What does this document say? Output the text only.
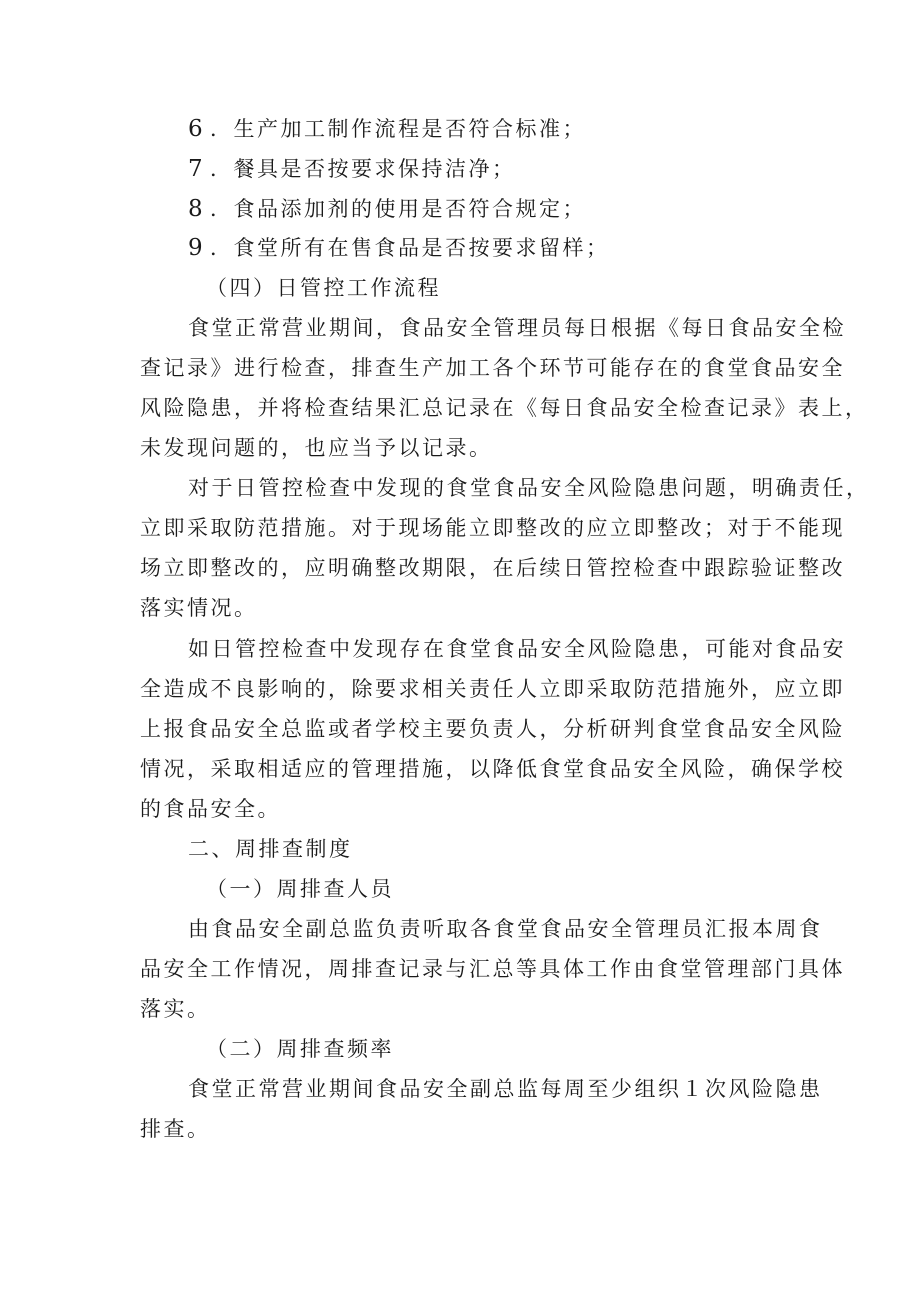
6 ．生产加工制作流程是否符合标准；
7 ．餐具是否按要求保持洁净；
8 ．食品添加剂的使用是否符合规定；
9 ．食堂所有在售食品是否按要求留样；
（四）日管控工作流程
食堂正常营业期间，食品安全管理员每日根据《每日食品安全检
查记录》进行检查，排查生产加工各个环节可能存在的食堂食品安全
风险隐患，并将检查结果汇总记录在《每日食品安全检查记录》表上，
未发现问题的，也应当予以记录。
对于日管控检查中发现的食堂食品安全风险隐患问题，明确责任，
立即采取防范措施。对于现场能立即整改的应立即整改；对于不能现
场立即整改的，应明确整改期限，在后续日管控检查中跟踪验证整改
落实情况。
如日管控检查中发现存在食堂食品安全风险隐患，可能对食品安
全造成不良影响的，除要求相关责任人立即采取防范措施外，应立即
上报食品安全总监或者学校主要负责人，分析研判食堂食品安全风险
情况，采取相适应的管理措施，以降低食堂食品安全风险，确保学校
的食品安全。
二、周排查制度
（一）周排查人员
由食品安全副总监负责听取各食堂食品安全管理员汇报本周食
品安全工作情况，周排查记录与汇总等具体工作由食堂管理部门具体
落实。
（二）周排查频率
食堂正常营业期间食品安全副总监每周至少组织１次风险隐患
排查。
